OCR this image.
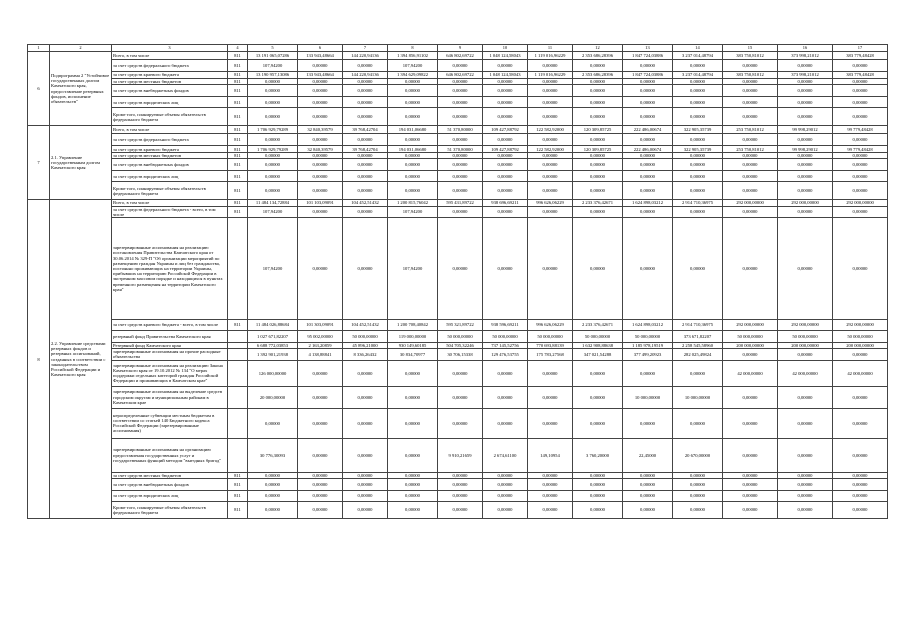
1	2	3	4	5	6	7	8	9	10	11	12	13	14	15	16	17
6	Подпрограмма 2 "Устойчивое государственных долгом Камчатского края, предоставление резервных фондов, исполнение обязательств"	Всего, в том числе	811	13 191 065,07286	133 943,48664	144 220,94136	1 394 856,91102	646 802,69722	1 048 124,58043	1 119 016,96229	2 353 686,28396	1 847 724,03886	3 237 014,48794	383 750,81012	373 998,21012	383 779,48428
		за счет средств федерального бюджета	811	107,94200	0,00000	0,00000	107,94200	0,00000	0,00000	0,00000	0,00000	0,00000	0,00000	0,00000	0,00000	0,00000
		за счет средств краевого бюджета	811	13 190 957,13086	133 943,48664	144 220,94136	1 394 629,09822	646 802,69722	1 048 124,58043	1 119 016,96229	2 353 686,28396	1 847 724,03886	3 237 014,48794	383 750,81012	373 998,21012	383 779,48428
		за счет средств местных бюджетов	811	0,00000	0,00000	0,00000	0,00000	0,00000	0,00000	0,00000	0,00000	0,00000	0,00000	0,00000	0,00000	0,00000
		за счет средств внебюджетных фондов	811	0,00000	0,00000	0,00000	0,00000	0,00000	0,00000	0,00000	0,00000	0,00000	0,00000	0,00000	0,00000	0,00000
		за счет средств юридических лиц	811	0,00000	0,00000	0,00000	0,00000	0,00000	0,00000	0,00000	0,00000	0,00000	0,00000	0,00000	0,00000	0,00000
		Кроме того, планируемые объемы обязательств федерального бюджета	811	0,00000	0,00000	0,00000	0,00000	0,00000	0,00000	0,00000	0,00000	0,00000	0,00000	0,00000	0,00000	0,00000
7	2.1. Управление государственным долгом Камчатского края	Всего, в том числе	811	1 706 929,79289	32 840,39579	39 768,42704	194 031,06680	51 370,80000	109 427,88792	122 582,92000	120 309,85725	222 486,00674	322 905,35739	253 750,81012	99 998,29012	99 779,48428
		за счет средств федерального бюджета	811	0,00000	0,00000	0,00000	0,00000	0,00000	0,00000	0,00000	0,00000	0,00000	0,00000	0,00000	0,00000	0,00000
		за счет средств краевого бюджета	811	1 706 929,79289	32 840,39579	39 768,42704	194 031,06680	51 370,80000	109 427,88792	122 582,92000	120 309,85725	222 486,00674	322 905,35739	253 750,81012	99 998,29012	99 779,48428
		за счет средств местных бюджетов	811	0,00000	0,00000	0,00000	0,00000	0,00000	0,00000	0,00000	0,00000	0,00000	0,00000	0,00000	0,00000	0,00000
		за счет средств внебюджетных фондов	811	0,00000	0,00000	0,00000	0,00000	0,00000	0,00000	0,00000	0,00000	0,00000	0,00000	0,00000	0,00000	0,00000
		за счет средств юридических лиц	811	0,00000	0,00000	0,00000	0,00000	0,00000	0,00000	0,00000	0,00000	0,00000	0,00000	0,00000	0,00000	0,00000
		Кроме того, планируемые объемы обязательств федерального бюджета	811	0,00000	0,00000	0,00000	0,00000	0,00000	0,00000	0,00000	0,00000	0,00000	0,00000	0,00000	0,00000	0,00000
8	2.2. Управление средствами резервных фондов и резервных ассигнований, созданных в соответствии с законодательством Российской Федерации и Камчатского края	Всего, в том числе	811	11 484 134,72884	101 103,09091	104 452,51432	1 200 815,76042	595 431,89722	938 696,69211	996 626,06229	2 233 376,42671	1 624 898,03212	2 914 710,36975	292 000,00000	292 000,00000	292 000,00000
		за счет средств федерального бюджета - всего, в том числе	811	107,94200	0,00000	0,00000	107,94200	0,00000	0,00000	0,00000	0,00000	0,00000	0,00000	0,00000	0,00000	0,00000
		зарезервированные ассигнования на реализацию постановления Правительства Камчатского края от 30.06.2014 № 329-П "Об организации мероприятий по размещению граждан Украины и лиц без гражданства, постоянно проживающих на территории Украины, прибывших на территорию Российской Федерации в экстренном массовом порядке и находящихся в пунктах временного размещения на территории Камчатского края"		107,94200	0,00000	0,00000	107,94200	0,00000	0,00000	0,00000	0,00000	0,00000	0,00000	0,00000	0,00000	0,00000
		за счет средств краевого бюджета - всего, в том числе	811	11 484 026,88684	101 303,09091	104 452,51432	1 200 708,40842	595 321,89722	938 596,69211	996 626,06229	2 233 376,42671	1 624 898,03212	2 914 710,36975	292 000,00000	292 000,00000	292 000,00000
		резервный фонд Правительства Камчатского края		1 027 671,82207	95 002,00000	50 000,00000	119 000,00000	50 000,00000	50 000,00000	50 000,00000	50 000,00000	50 000,00000	373 671,82207	50 000,00000	50 000,00000	50 000,00000
		Резервный фонд Камчатского края		6 688 772,03853	2 163,20859	45 896,21000	930 149,60185	504 705,32246	737 145,52756	770 693,88139	1 632 908,88638	1 185 978,19519	2 258 545,58960	200 000,00000	200 000,00000	200 000,00000
		зарезервированные ассигнования на прочие расходные обязательства		1 392 901,21938	4 138,88841	8 336,26432	30 834,70977	30 706,15338	129 476,53755	175 783,27568	347 021,54288	377 499,20923	282 025,49824	0,00000	0,00000	0,00000
		зарезервированные ассигнования на реализацию Закона Камчатского края от 19.10.2012 № 134 "О мерах поддержки отдельных категорий граждан Российской Федерации и проживающих в Камчатском крае"		126 000,00000	0,00000	0,00000	0,00000	0,00000	0,00000	0,00000	0,00000	0,00000	0,00000	42 000,00000	42 000,00000	42 000,00000
		зарезервированные ассигнования на выделение средств городским округам и муниципальным районам в Камчатском крае		20 000,00000	0,00000	0,00000	0,00000	0,00000	0,00000	0,00000	0,00000	10 000,00000	10 000,00000	0,00000	0,00000	0,00000
		нераспределенные субвенции местным бюджетам в соответствии со статьей 140 Бюджетного кодекса Российской Федерации (зарезервированные ассигнования)		0,00000	0,00000	0,00000	0,00000	0,00000	0,00000	0,00000	0,00000	0,00000	0,00000	0,00000	0,00000	0,00000
		зарезервированные ассигнования на организацию предоставления государственных услуг и государственных функций методом "выездных бригад"		30 776,30093	0,00000	0,00000	0,00000	9 910,21659	2 674,61100	149,10954	3 760,20000	22,45000	20 670,00000	0,00000	0,00000	0,00000
		за счет средств местных бюджетов	811	0,00000	0,00000	0,00000	0,00000	0,00000	0,00000	0,00000	0,00000	0,00000	0,00000	0,00000	0,00000	0,00000
		за счет средств внебюджетных фондов	811	0,00000	0,00000	0,00000	0,00000	0,00000	0,00000	0,00000	0,00000	0,00000	0,00000	0,00000	0,00000	0,00000
		за счет средств юридических лиц	811	0,00000	0,00000	0,00000	0,00000	0,00000	0,00000	0,00000	0,00000	0,00000	0,00000	0,00000	0,00000	0,00000
		Кроме того, планируемые объемы обязательств федерального бюджета	811	0,00000	0,00000	0,00000	0,00000	0,00000	0,00000	0,00000	0,00000	0,00000	0,00000	0,00000	0,00000	0,00000
